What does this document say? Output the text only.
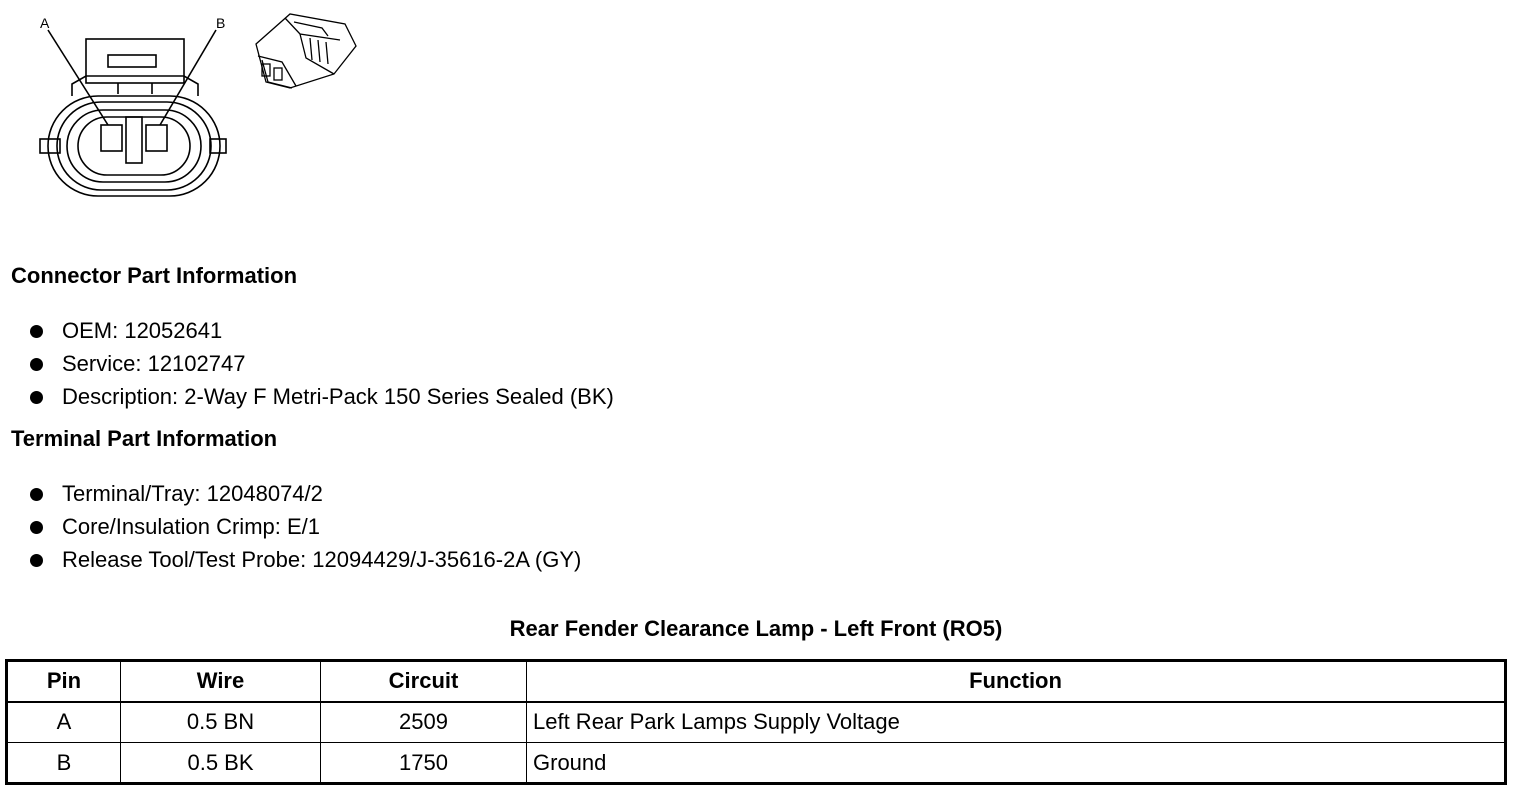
A	B
Connector Part Information
OEM: 12052641
Service: 12102747
Description: 2-Way F Metri-Pack 150 Series Sealed (BK)
Terminal Part Information
Terminal/Tray: 12048074/2
Core/Insulation Crimp: E/1
Release Tool/Test Probe: 12094429/J-35616-2A (GY)
Rear Fender Clearance Lamp - Left Front (RO5)
Pin	Wire	Circuit	Function
A	0.5 BN	2509	Left Rear Park Lamps Supply Voltage
B	0.5 BK	1750	Ground
